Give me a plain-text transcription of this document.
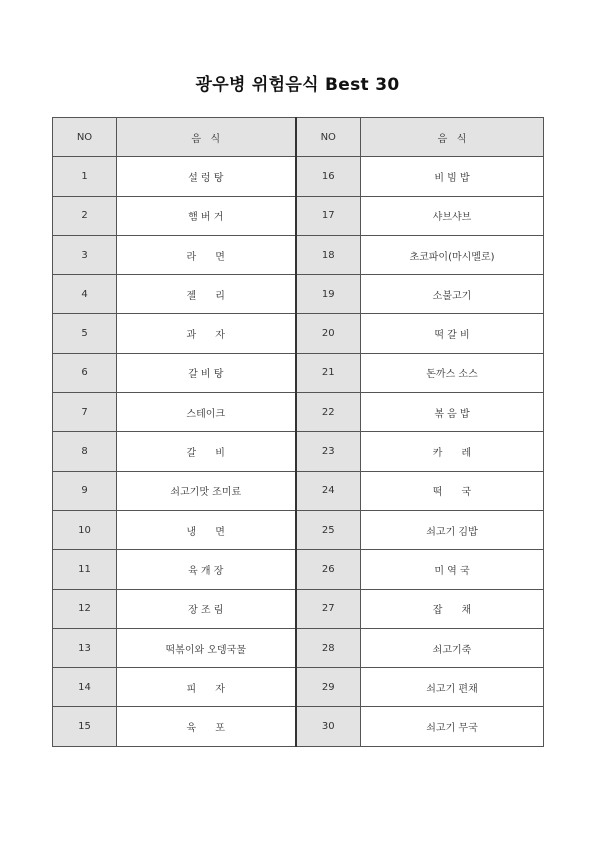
광우병 위험음식 Best 30
NO	음   식	NO	음   식
1	설 렁 탕	16	비 빔 밥
2	햄 버 거	17	샤브샤브
3	라      면	18	초코파이(마시멜로)
4	젤      리	19	소불고기
5	과      자	20	떡 갈 비
6	갈 비 탕	21	돈까스 소스
7	스테이크	22	볶 음 밥
8	갈      비	23	카      레
9	쇠고기맛 조미료	24	떡      국
10	냉      면	25	쇠고기 김밥
11	육 개 장	26	미 역 국
12	장 조 림	27	잡      채
13	떡볶이와 오뎅국물	28	쇠고기죽
14	피      자	29	쇠고기 편채
15	육      포	30	쇠고기 무국
